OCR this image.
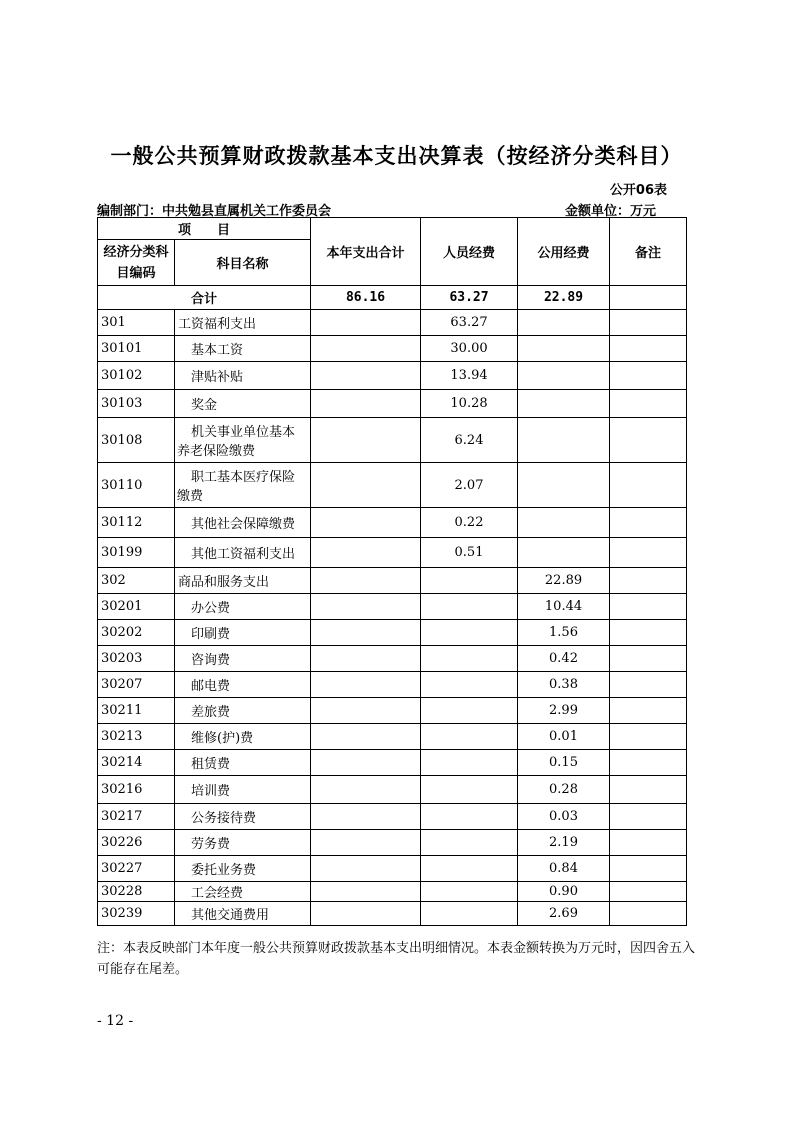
一般公共预算财政拨款基本支出决算表（按经济分类科目）
公开06表
编制部门：中共勉县直属机关工作委员会	金额单位：万元
项　　目		本年支出合计	人员经费	公用经费	备注
经济分类科目编码	科目名称				
合计		86.16	63.27	22.89	
301	工资福利支出		63.27		
30101	基本工资		30.00		
30102	津贴补贴		13.94		
30103	奖金		10.28		
30108	机关事业单位基本养老保险缴费		6.24		
30110	职工基本医疗保险缴费		2.07		
30112	其他社会保障缴费		0.22		
30199	其他工资福利支出		0.51		
302	商品和服务支出			22.89	
30201	办公费			10.44	
30202	印刷费			1.56	
30203	咨询费			0.42	
30207	邮电费			0.38	
30211	差旅费			2.99	
30213	维修(护)费			0.01	
30214	租赁费			0.15	
30216	培训费			0.28	
30217	公务接待费			0.03	
30226	劳务费			2.19	
30227	委托业务费			0.84	
30228	工会经费			0.90	
30239	其他交通费用			2.69	
注：本表反映部门本年度一般公共预算财政拨款基本支出明细情况。本表金额转换为万元时，因四舍五入可能存在尾差。
- 12 -
